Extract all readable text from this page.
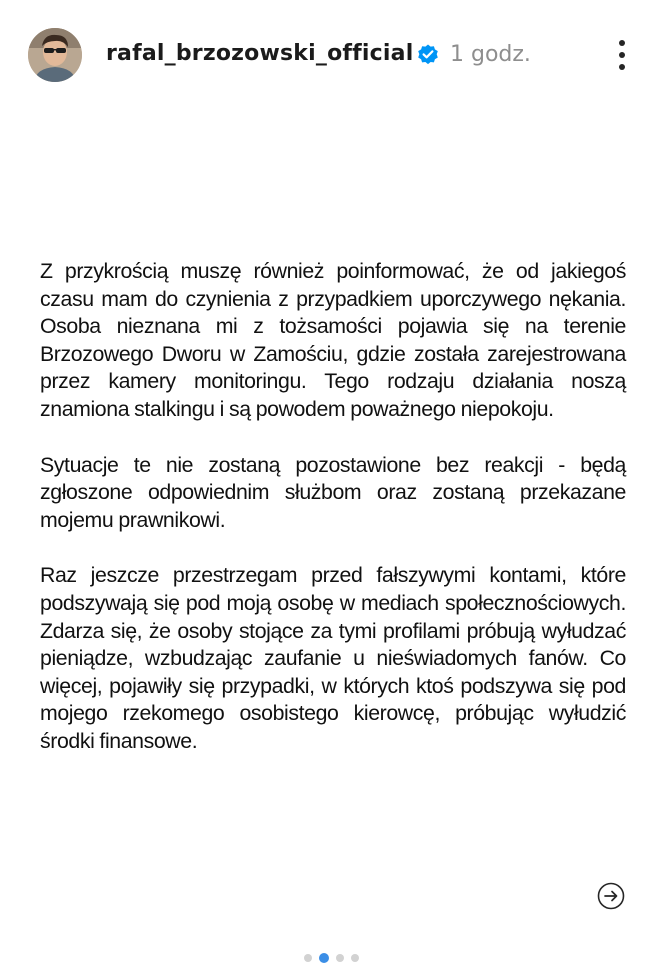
rafal_brzozowski_official 1 godz.

Z przykrością muszę również poinformować, że od jakiegoś czasu mam do czynienia z przypadkiem uporczywego nękania. Osoba nieznana mi z tożsamości pojawia się na terenie Brzozowego Dworu w Zamościu, gdzie została zarejestrowana przez kamery monitoringu. Tego rodzaju działania noszą znamiona stalkingu i są powodem poważnego niepokoju.

Sytuacje te nie zostaną pozostawione bez reakcji - będą zgłoszone odpowiednim służbom oraz zostaną przekazane mojemu prawnikowi.

Raz jeszcze przestrzegam przed fałszywymi kontami, które podszywają się pod moją osobę w mediach społecznościowych. Zdarza się, że osoby stojące za tymi profilami próbują wyłudzać pieniądze, wzbudzając zaufanie u nieświadomych fanów. Co więcej, pojawiły się przypadki, w których ktoś podszywa się pod mojego rzekomego osobistego kierowcę, próbując wyłudzić środki finansowe.
